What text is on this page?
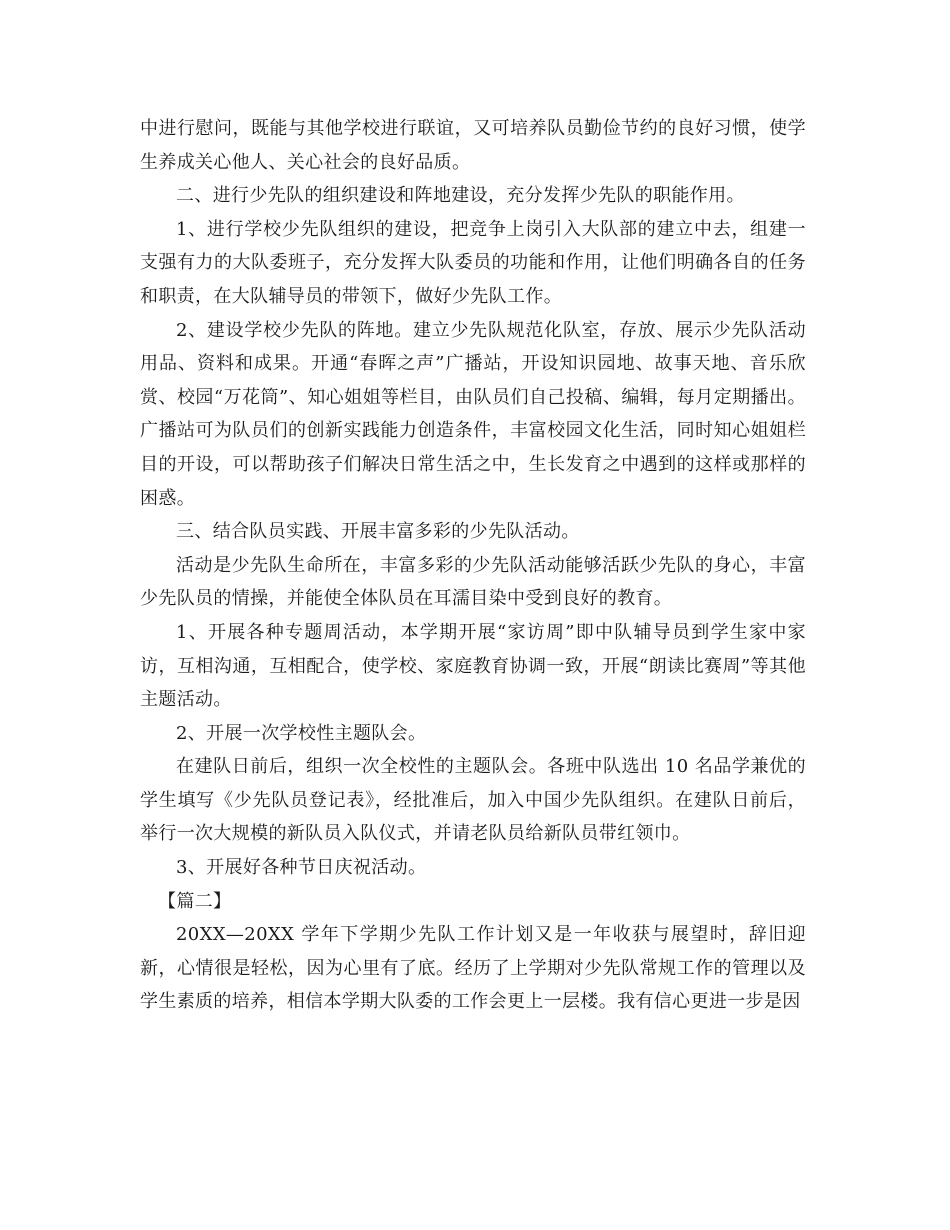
中进行慰问，既能与其他学校进行联谊，又可培养队员勤俭节约的良好习惯，使学生养成关心他人、关心社会的良好品质。

二、进行少先队的组织建设和阵地建设，充分发挥少先队的职能作用。

1、进行学校少先队组织的建设，把竞争上岗引入大队部的建立中去，组建一支强有力的大队委班子，充分发挥大队委员的功能和作用，让他们明确各自的任务和职责，在大队辅导员的带领下，做好少先队工作。

2、建设学校少先队的阵地。建立少先队规范化队室，存放、展示少先队活动用品、资料和成果。开通“春晖之声”广播站，开设知识园地、故事天地、音乐欣赏、校园“万花筒”、知心姐姐等栏目，由队员们自己投稿、编辑，每月定期播出。广播站可为队员们的创新实践能力创造条件，丰富校园文化生活，同时知心姐姐栏目的开设，可以帮助孩子们解决日常生活之中，生长发育之中遇到的这样或那样的困惑。

三、结合队员实践、开展丰富多彩的少先队活动。

活动是少先队生命所在，丰富多彩的少先队活动能够活跃少先队的身心，丰富少先队员的情操，并能使全体队员在耳濡目染中受到良好的教育。

1、开展各种专题周活动，本学期开展“家访周”即中队辅导员到学生家中家访，互相沟通，互相配合，使学校、家庭教育协调一致，开展“朗读比赛周”等其他主题活动。

2、开展一次学校性主题队会。

在建队日前后，组织一次全校性的主题队会。各班中队选出 10 名品学兼优的学生填写《少先队员登记表》，经批准后，加入中国少先队组织。在建队日前后，举行一次大规模的新队员入队仪式，并请老队员给新队员带红领巾。

3、开展好各种节日庆祝活动。

【篇二】

20XX—20XX 学年下学期少先队工作计划又是一年收获与展望时，辞旧迎新，心情很是轻松，因为心里有了底。经历了上学期对少先队常规工作的管理以及学生素质的培养，相信本学期大队委的工作会更上一层楼。我有信心更进一步是因
